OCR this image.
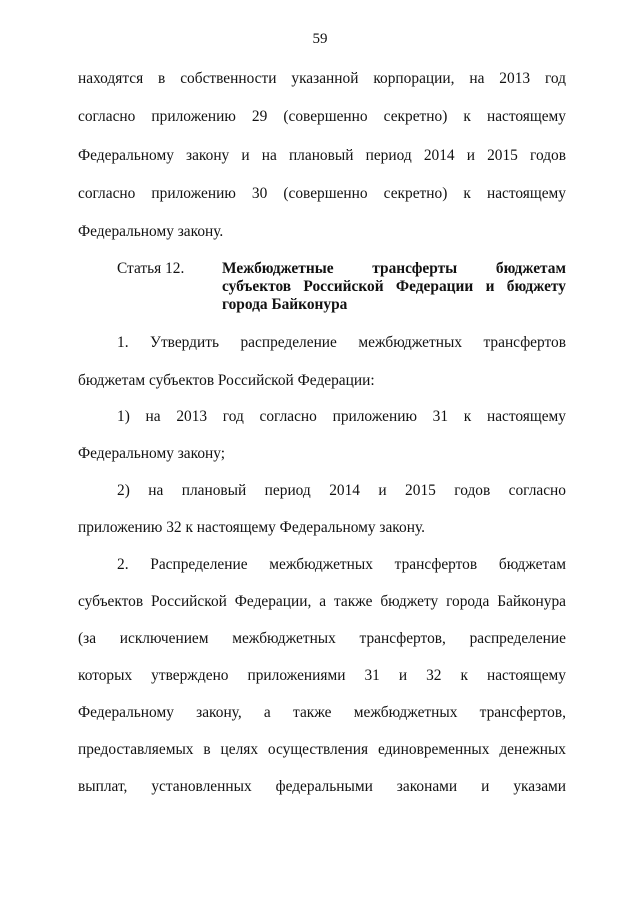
59
находятся в собственности указанной корпорации, на 2013 год
согласно приложению 29 (совершенно секретно) к настоящему
Федеральному закону и на плановый период 2014 и 2015 годов
согласно приложению 30 (совершенно секретно) к настоящему
Федеральному закону.
Статья 12. Межбюджетные трансферты бюджетам
субъектов Российской Федерации и бюджету
города Байконура
1. Утвердить распределение межбюджетных трансфертов
бюджетам субъектов Российской Федерации:
1) на 2013 год согласно приложению 31 к настоящему
Федеральному закону;
2) на плановый период 2014 и 2015 годов согласно
приложению 32 к настоящему Федеральному закону.
2. Распределение межбюджетных трансфертов бюджетам
субъектов Российской Федерации, а также бюджету города Байконура
(за исключением межбюджетных трансфертов, распределение
которых утверждено приложениями 31 и 32 к настоящему
Федеральному закону, а также межбюджетных трансфертов,
предоставляемых в целях осуществления единовременных денежных
выплат, установленных федеральными законами и указами
